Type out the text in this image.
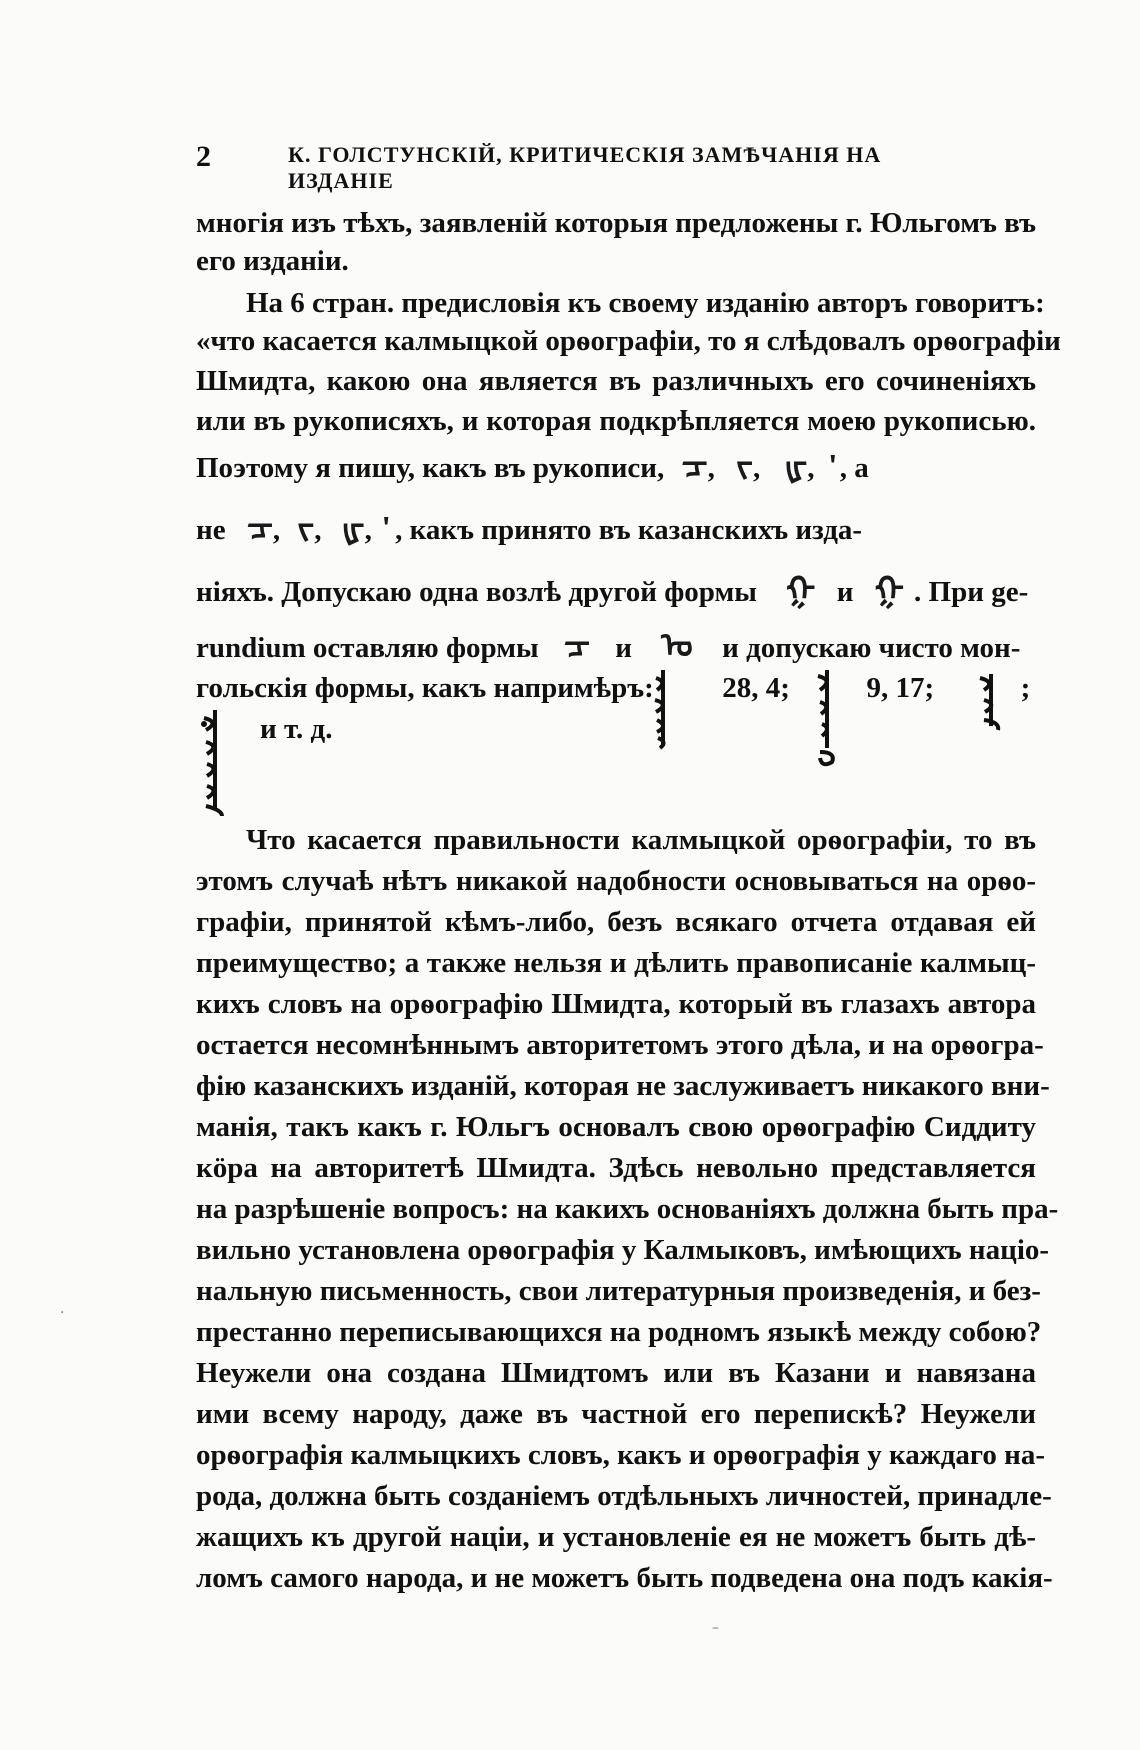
2	К. ГОЛСТУНСКІЙ, КРИТИЧЕСКІЯ ЗАМѢЧАНІЯ НА ИЗДАНІЕ
многія изъ тѣхъ, заявленій которыя предложены г. Юльгомъ въ
его изданіи.
На 6 стран. предисловія къ своему изданію авторъ говоритъ:
«что касается калмыцкой орѳографіи, то я слѣдовалъ орѳографіи
Шмидта, какою она является въ различныхъ его сочиненіяхъ
или въ рукописяхъ, и которая подкрѣпляется моею рукописью.
Поэтому я пишу, какъ въ рукописи, ᠴ, ᠵ, ᡁ, , а
не ᠴ, ᠵ, ᡁ, , какъ принято въ казанскихъ изда-
ніяхъ. Допускаю одна возлѣ другой формы ᠭ и ᠭ . При ge-
rundium оставляю формы ᠴ и ᠤ и допускаю чисто мон-
гольскія формы, какъ напримѣръ: 28, 4;	9, 17;	;
и т. д.
Что касается правильности калмыцкой орѳографіи, то въ
этомъ случаѣ нѣтъ никакой надобности основываться на орѳо-
графіи, принятой кѣмъ-либо, безъ всякаго отчета отдавая ей
преимущество; а также нельзя и дѣлить правописаніе калмыц-
кихъ словъ на орѳографію Шмидта, который въ глазахъ автора
остается несомнѣннымъ авторитетомъ этого дѣла, и на орѳогра-
фію казанскихъ изданій, которая не заслуживаетъ никакого вни-
манія, такъ какъ г. Юльгъ основалъ свою орѳографію Сиддиту
кӧра на авторитетѣ Шмидта. Здѣсь невольно представляется
на разрѣшеніе вопросъ: на какихъ основаніяхъ должна быть пра-
вильно установлена орѳографія у Калмыковъ, имѣющихъ націо-
нальную письменность, свои литературныя произведенія, и без-
престанно переписывающихся на родномъ языкѣ между собою?
Неужели она создана Шмидтомъ или въ Казани и навязана
ими всему народу, даже въ частной его перепискѣ? Неужели
орѳографія калмыцкихъ словъ, какъ и орѳографія у каждаго на-
рода, должна быть созданіемъ отдѣльныхъ личностей, принадле-
жащихъ къ другой націи, и установленіе ея не можетъ быть дѣ-
ломъ самого народа, и не можетъ быть подведена она подъ какія-
–
·
